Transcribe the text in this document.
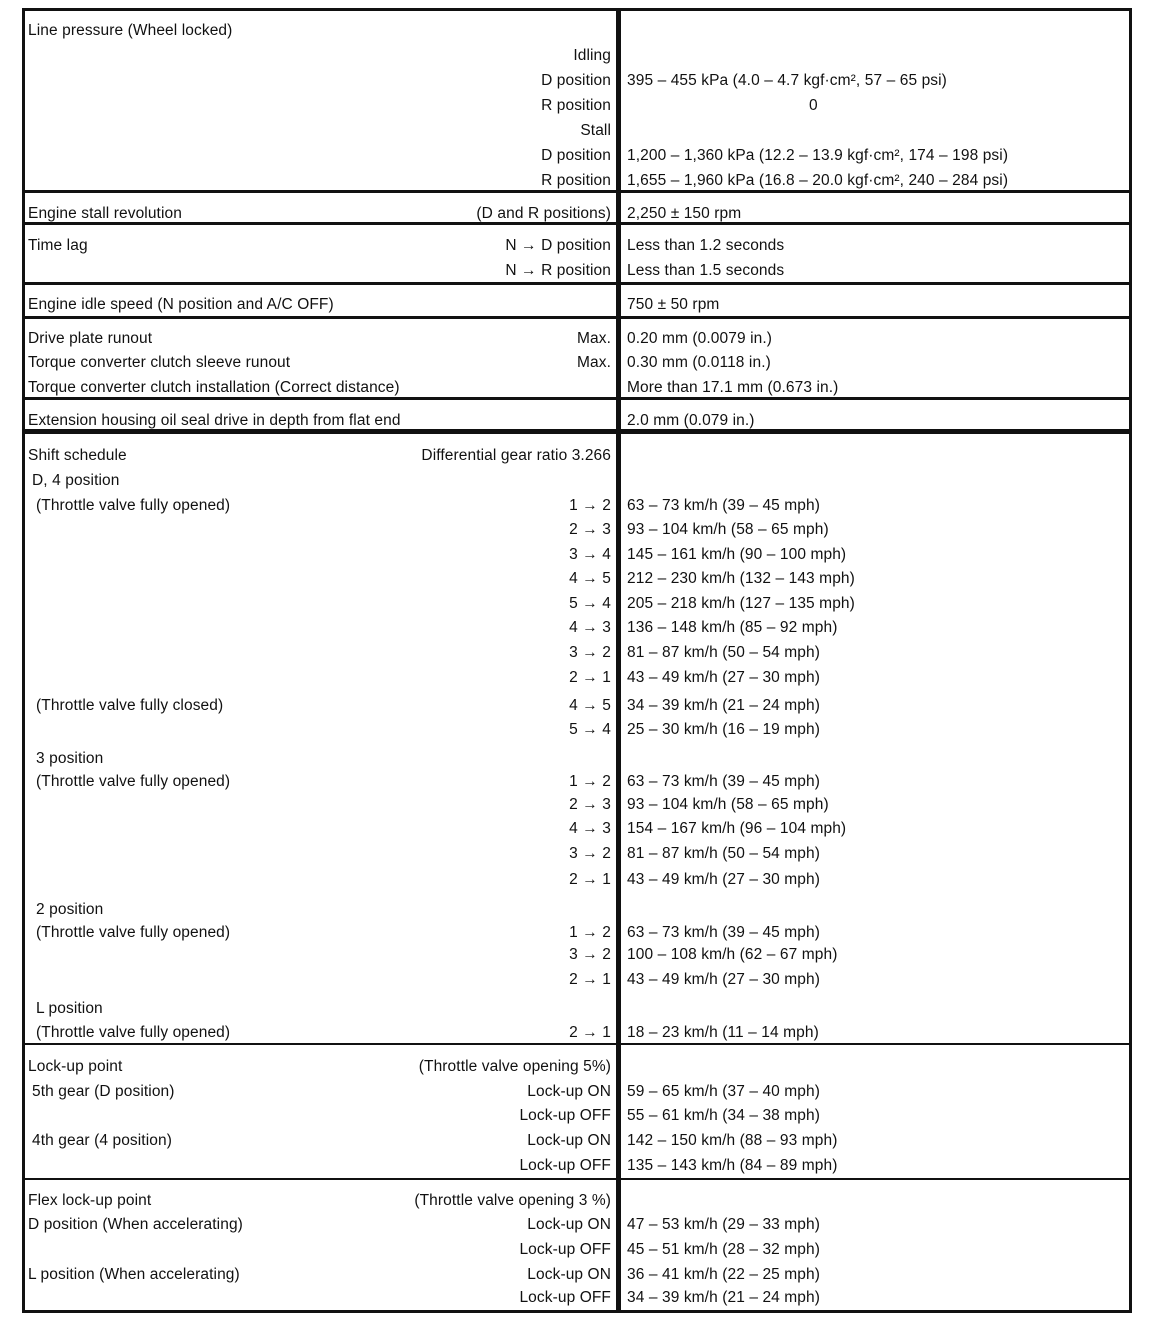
Line pressure (Wheel locked)
Idling
D position 395 – 455 kPa (4.0 – 4.7 kgf·cm², 57 – 65 psi)
R position	0
Stall
D position 1,200 – 1,360 kPa (12.2 – 13.9 kgf·cm², 174 – 198 psi)
R position 1,655 – 1,960 kPa (16.8 – 20.0 kgf·cm², 240 – 284 psi)
Engine stall revolution	(D and R positions) 2,250 ± 150 rpm
Time lag	N → D position Less than 1.2 seconds
N → R position Less than 1.5 seconds
Engine idle speed (N position and A/C OFF)	750 ± 50 rpm
Drive plate runout	Max. 0.20 mm (0.0079 in.)
Torque converter clutch sleeve runout	Max. 0.30 mm (0.0118 in.)
Torque converter clutch installation (Correct distance)	More than 17.1 mm (0.673 in.)
Extension housing oil seal drive in depth from flat end	2.0 mm (0.079 in.)
Shift schedule	Differential gear ratio 3.266
D, 4 position
(Throttle valve fully opened)	1 → 2 63 – 73 km/h (39 – 45 mph)
2 → 3 93 – 104 km/h (58 – 65 mph)
3 → 4 145 – 161 km/h (90 – 100 mph)
4 → 5 212 – 230 km/h (132 – 143 mph)
5 → 4 205 – 218 km/h (127 – 135 mph)
4 → 3 136 – 148 km/h (85 – 92 mph)
3 → 2 81 – 87 km/h (50 – 54 mph)
2 → 1 43 – 49 km/h (27 – 30 mph)
(Throttle valve fully closed)	4 → 5 34 – 39 km/h (21 – 24 mph)
5 → 4 25 – 30 km/h (16 – 19 mph)
3 position
(Throttle valve fully opened)	1 → 2 63 – 73 km/h (39 – 45 mph)
2 → 3 93 – 104 km/h (58 – 65 mph)
4 → 3 154 – 167 km/h (96 – 104 mph)
3 → 2 81 – 87 km/h (50 – 54 mph)
2 → 1 43 – 49 km/h (27 – 30 mph)
2 position
(Throttle valve fully opened)	1 → 2 63 – 73 km/h (39 – 45 mph)
3 → 2 100 – 108 km/h (62 – 67 mph)
2 → 1 43 – 49 km/h (27 – 30 mph)
L position
(Throttle valve fully opened)	2 → 1 18 – 23 km/h (11 – 14 mph)
Lock-up point	(Throttle valve opening 5%)
5th gear (D position)	Lock-up ON 59 – 65 km/h (37 – 40 mph)
Lock-up OFF 55 – 61 km/h (34 – 38 mph)
4th gear (4 position)	Lock-up ON 142 – 150 km/h (88 – 93 mph)
Lock-up OFF 135 – 143 km/h (84 – 89 mph)
Flex lock-up point	(Throttle valve opening 3 %)
D position (When accelerating)	Lock-up ON 47 – 53 km/h (29 – 33 mph)
Lock-up OFF 45 – 51 km/h (28 – 32 mph)
L position (When accelerating)	Lock-up ON 36 – 41 km/h (22 – 25 mph)
Lock-up OFF 34 – 39 km/h (21 – 24 mph)
